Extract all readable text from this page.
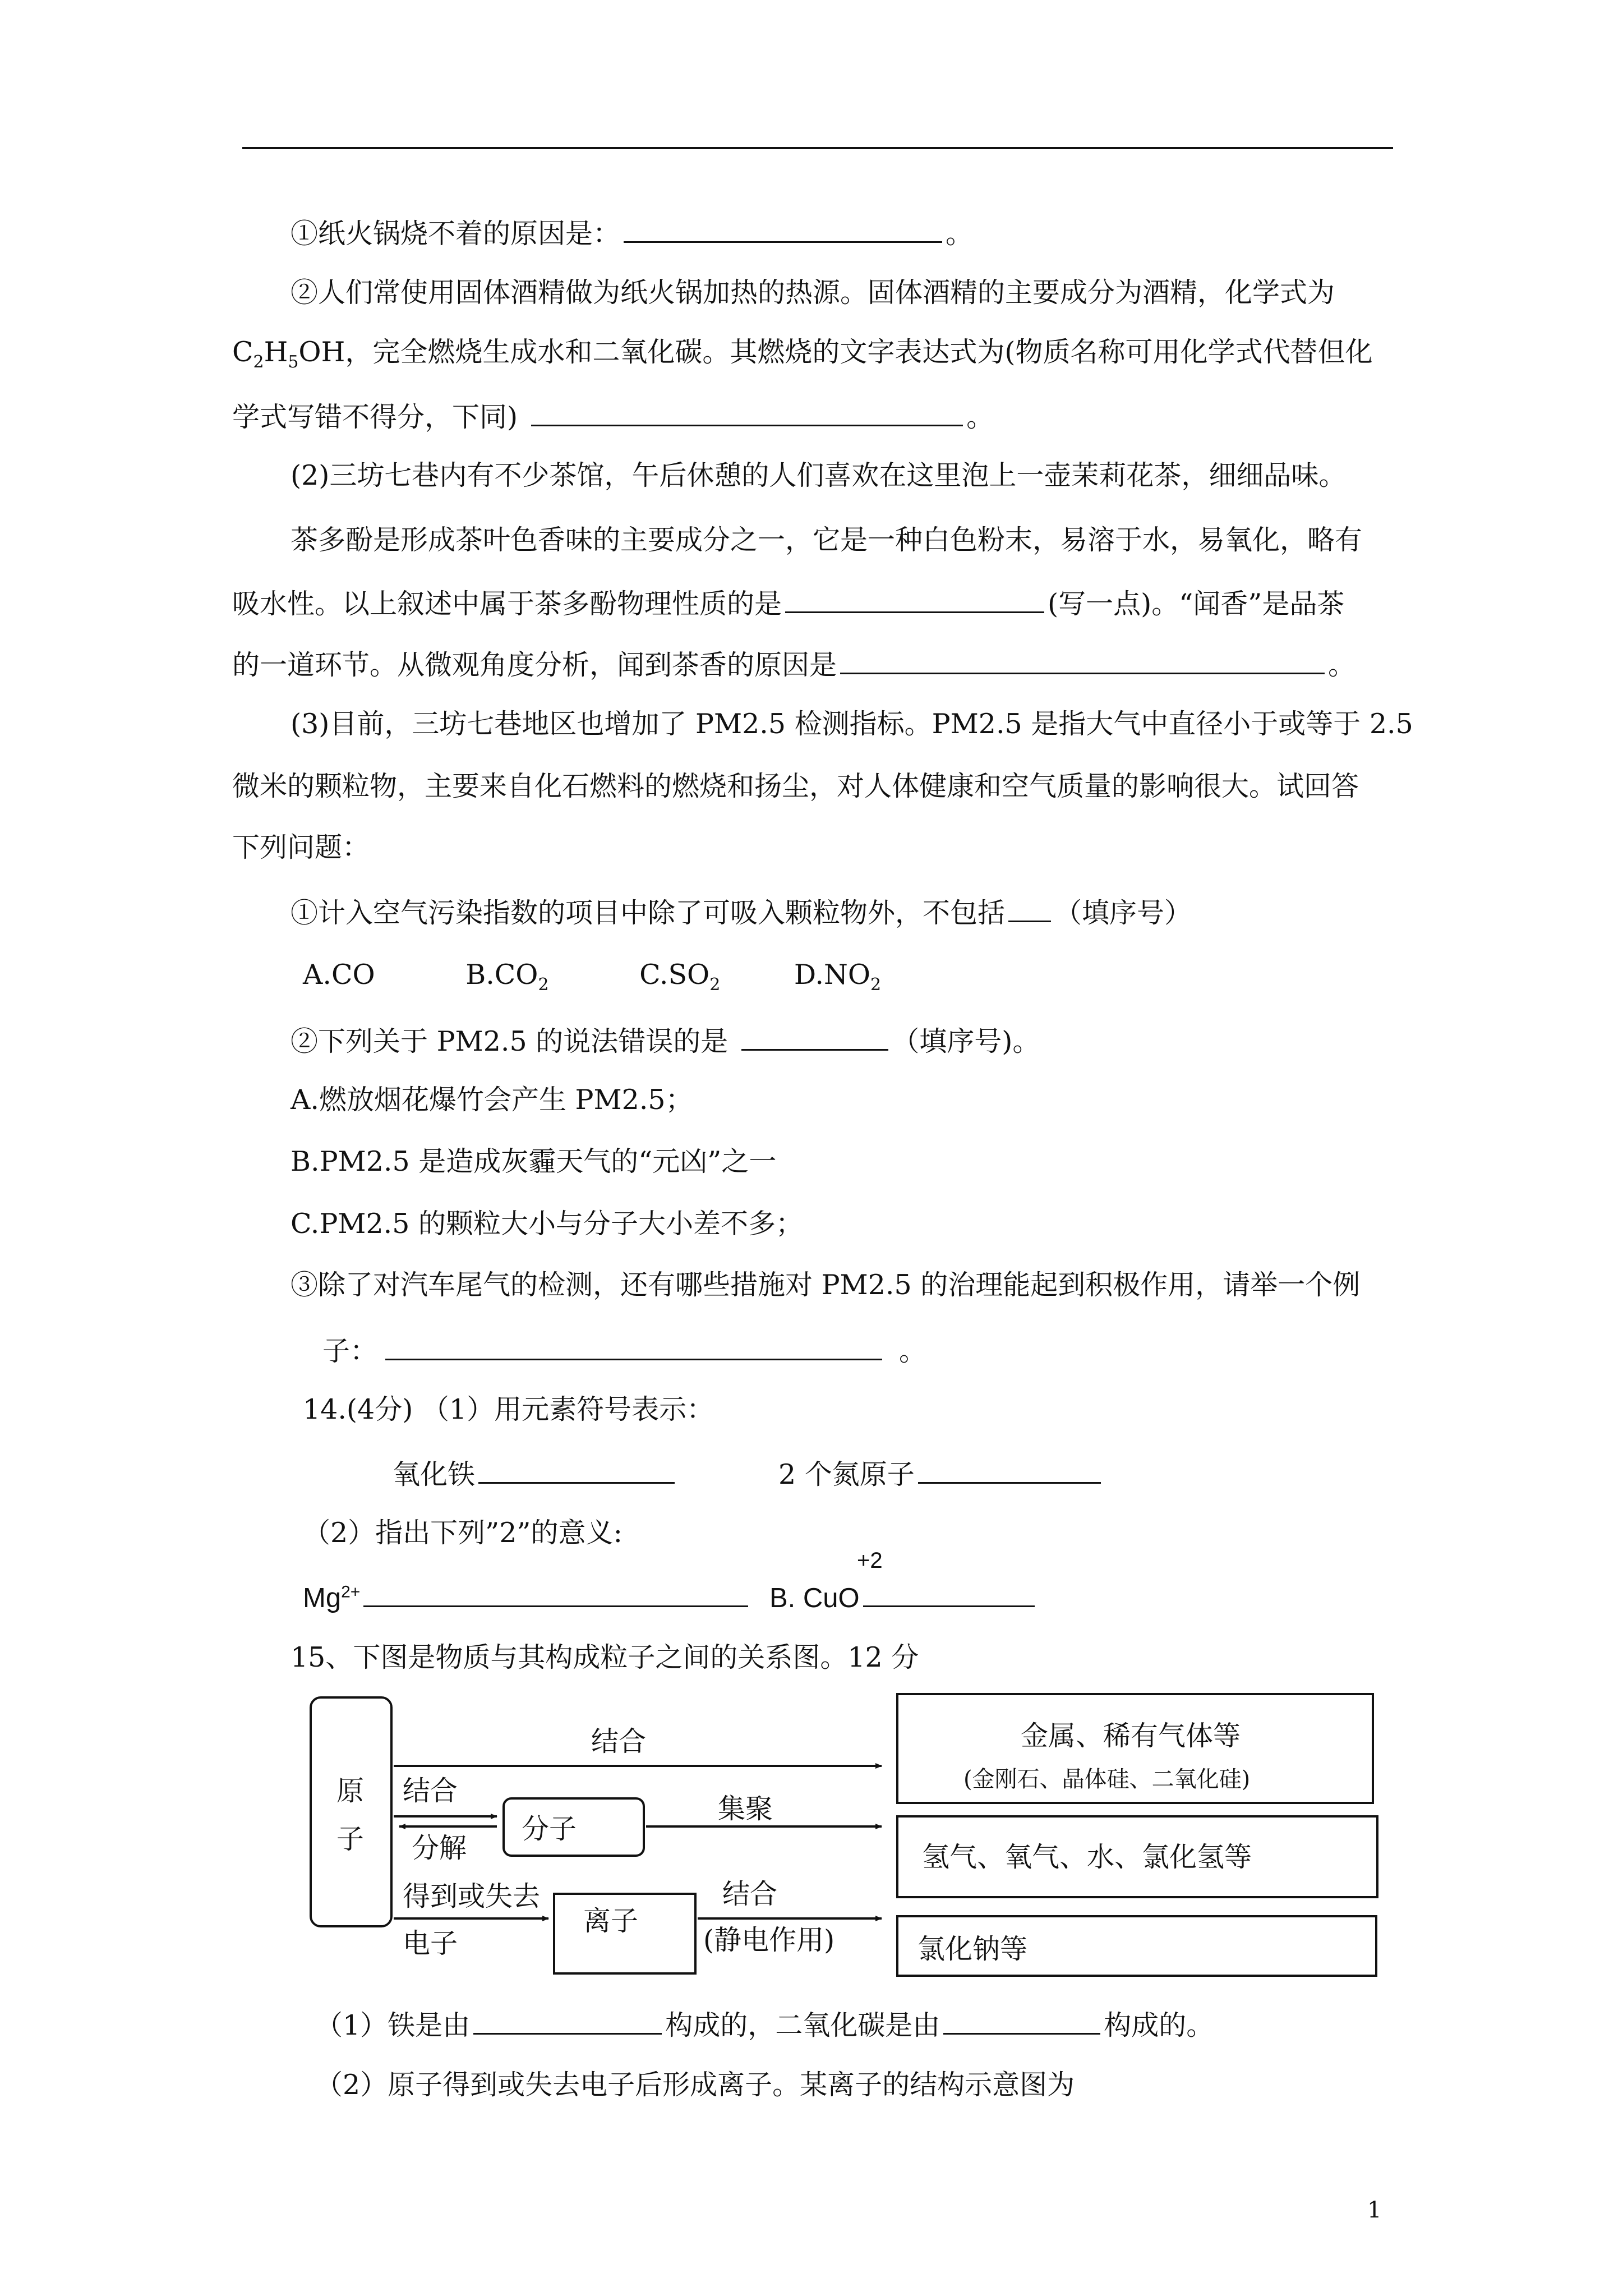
①纸火锅烧不着的原因是：	。
②人们常使用固体酒精做为纸火锅加热的热源。固体酒精的主要成分为酒精，化学式为
$C_2H_5OH$，完全燃烧生成水和二氧化碳。其燃烧的文字表达式为(物质名称可用化学式代替但化
学式写错不得分，下同)	。
(2)三坊七巷内有不少茶馆，午后休憩的人们喜欢在这里泡上一壶茉莉花茶，细细品味。
茶多酚是形成茶叶色香味的主要成分之一，它是一种白色粉末，易溶于水，易氧化，略有
吸水性。以上叙述中属于茶多酚物理性质的是	(写一点)。“闻香”是品茶
的一道环节。从微观角度分析，闻到茶香的原因是	。
(3)目前，三坊七巷地区也增加了 PM2.5 检测指标。PM2.5 是指大气中直径小于或等于 2.5
微米的颗粒物，主要来自化石燃料的燃烧和扬尘，对人体健康和空气质量的影响很大。试回答
下列问题：
①计入空气污染指数的项目中除了可吸入颗粒物外，不包括 （填序号）
A.CO	$B.CO_2$	$C.SO_2$	$D.NO_2$
②下列关于 PM2.5 的说法错误的是	（填序号)。
A.燃放烟花爆竹会产生 PM2.5；
B.PM2.5 是造成灰霾天气的“元凶”之一
C.PM2.5 的颗粒大小与分子大小差不多；
③除了对汽车尾气的检测，还有哪些措施对 PM2.5 的治理能起到积极作用，请举一个例
子：	。
14.(4分) （1）用元素符号表示：
氧化铁	2 个氮原子
（2）指出下列”2”的意义:
$Mg^{2+}$
+2
B. CuO
15、下图是物质与其构成粒子之间的关系图。12 分
原
子
金属、稀有气体等
(金刚石、晶体硅、二氧化硅)
氢气、氧气、水、氯化氢等
氯化钠等
分子
离子
结合
结合
分解
集聚
得到或失去
电子
结合
(静电作用)
（1）铁是由	构成的，二氧化碳是由	构成的。
（2）原子得到或失去电子后形成离子。某离子的结构示意图为
1
